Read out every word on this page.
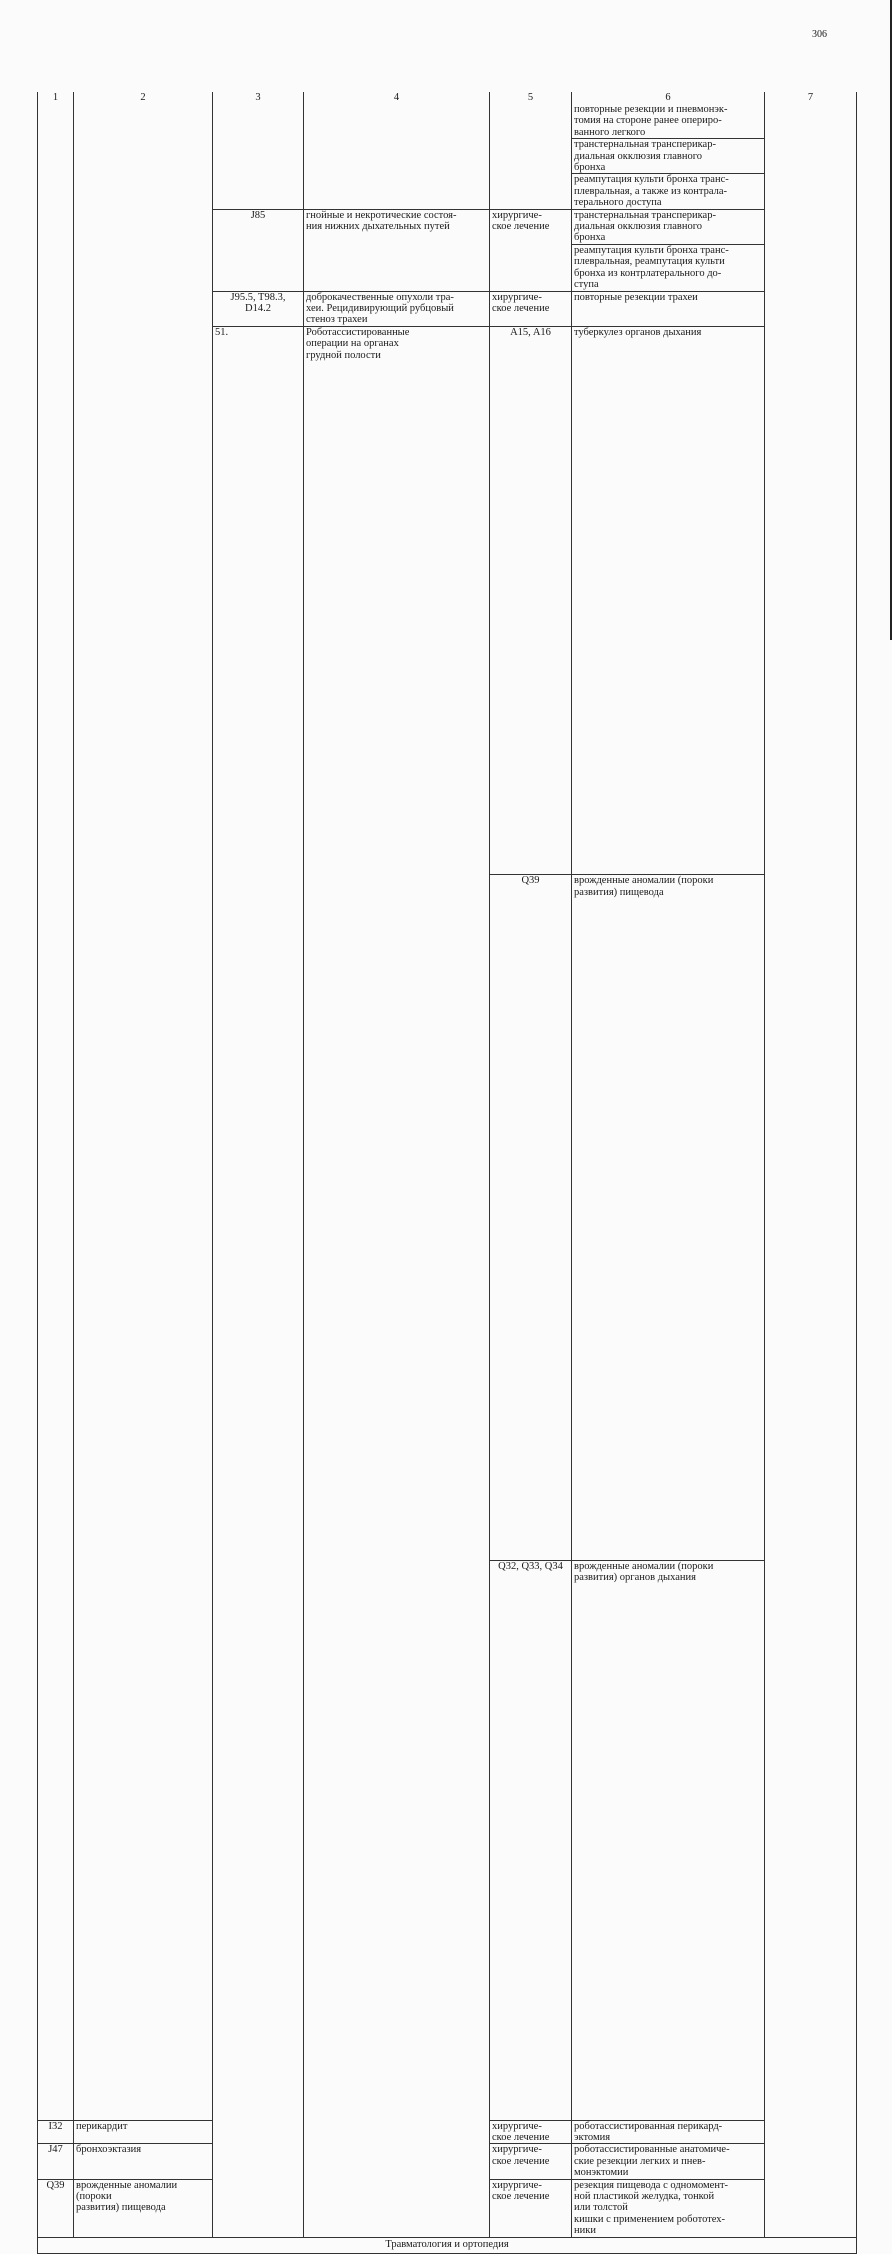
306
1	2	3	4	5	6	7	

					повторные резекции и пневмонэк-
томия на стороне ранее опериро-
ванного легкого		

					транстернальная трансперикар-
диальная окклюзия главного
бронха		

					реампутация культи бронха транс-
плевральная, а также из контрала-
терального доступа		

		J85	гнойные и некротические состоя-
ния нижних дыхательных путей	хирургиче-
ское лечение	транстернальная трансперикар-
диальная окклюзия главного
бронха		

					реампутация культи бронха транс-
плевральная, реампутация культи
бронха из контрлатерального до-
ступа		

		J95.5, T98.3,
D14.2	доброкачественные опухоли тра-
хеи. Рецидивирующий рубцовый
стеноз трахеи	хирургиче-
ское лечение	повторные резекции трахеи		

		51.	Роботассистированные
операции на органах
грудной полости	A15, A16	туберкулез органов дыхания

				Q39	врожденные аномалии (пороки
развития) пищевода

				Q32, Q33, Q34	врожденные аномалии (пороки
развития) органов дыхания

I32	перикардит			хирургиче-
ское лечение	роботассистированная перикард-
эктомия		

J47	бронхоэктазия			хирургиче-
ское лечение	роботассистированные анатомиче-
ские резекции легких и пнев-
монэктомии		

Q39	врожденные аномалии (пороки
развития) пищевода			хирургиче-
ское лечение	резекция пищевода с одномомент-
ной пластикой желудка, тонкой
или толстой
кишки с применением робототех-
ники		

Травматология и ортопедия							
